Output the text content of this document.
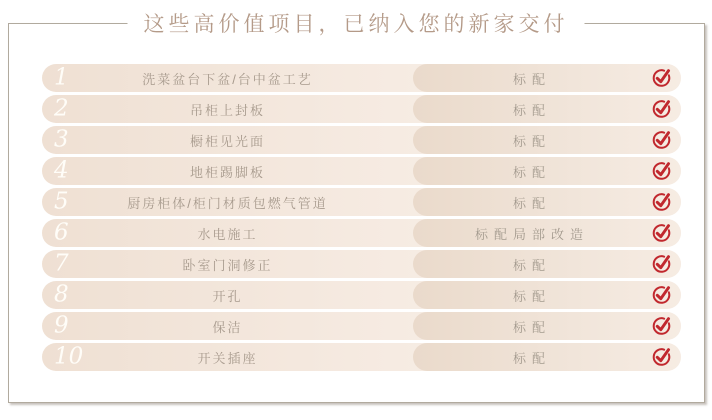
这些高价值项目，已纳入您的新家交付
1	洗菜盆台下盆/台中盆工艺	标配
2	吊柜上封板	标配
3	橱柜见光面	标配
4	地柜踢脚板	标配
5	厨房柜体/柜门材质包燃气管道	标配
6	水电施工	标配局部改造
7	卧室门洞修正	标配
8	开孔	标配
9	保洁	标配
10	开关插座	标配
